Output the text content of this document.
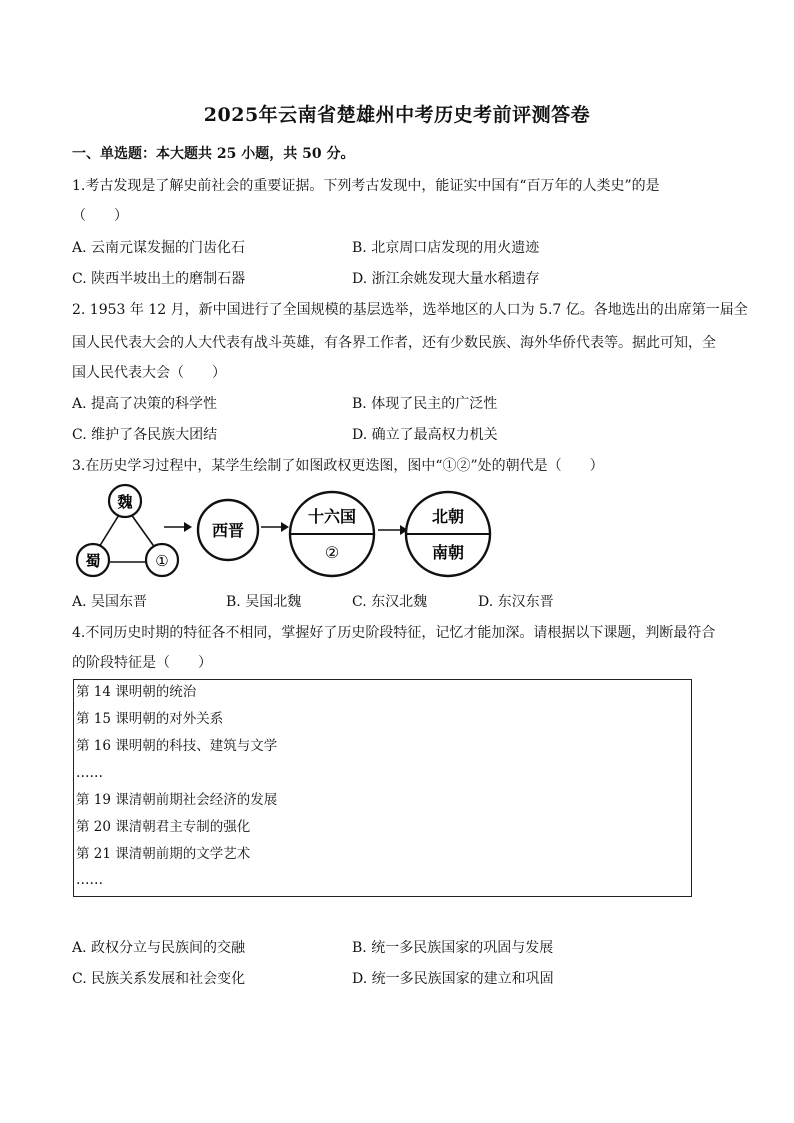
2025年云南省楚雄州中考历史考前评测答卷
一、单选题：本大题共 25 小题，共 50 分。
1.考古发现是了解史前社会的重要证据。下列考古发现中，能证实中国有“百万年的人类史”的是
（　　）
A. 云南元谋发掘的门齿化石	B. 北京周口店发现的用火遗迹
C. 陕西半坡出土的磨制石器	D. 浙江余姚发现大量水稻遗存
2. 1953 年 12 月，新中国进行了全国规模的基层选举，选举地区的人口为 5.7 亿。各地选出的出席第一届全
国人民代表大会的人大代表有战斗英雄，有各界工作者，还有少数民族、海外华侨代表等。据此可知，全
国人民代表大会（　　）
A. 提高了决策的科学性	B. 体现了民主的广泛性
C. 维护了各民族大团结	D. 确立了最高权力机关
3.在历史学习过程中，某学生绘制了如图政权更迭图，图中“①②”处的朝代是（　　）
魏
蜀	①
西晋
十六国
②
北朝
南朝
A. 吴国东晋	B. 吴国北魏	C. 东汉北魏	D. 东汉东晋
4.不同历史时期的特征各不相同，掌握好了历史阶段特征，记忆才能加深。请根据以下课题，判断最符合
的阶段特征是（　　）
第 14 课明朝的统治
第 15 课明朝的对外关系
第 16 课明朝的科技、建筑与文学
……
第 19 课清朝前期社会经济的发展
第 20 课清朝君主专制的强化
第 21 课清朝前期的文学艺术
……
A. 政权分立与民族间的交融	B. 统一多民族国家的巩固与发展
C. 民族关系发展和社会变化	D. 统一多民族国家的建立和巩固
